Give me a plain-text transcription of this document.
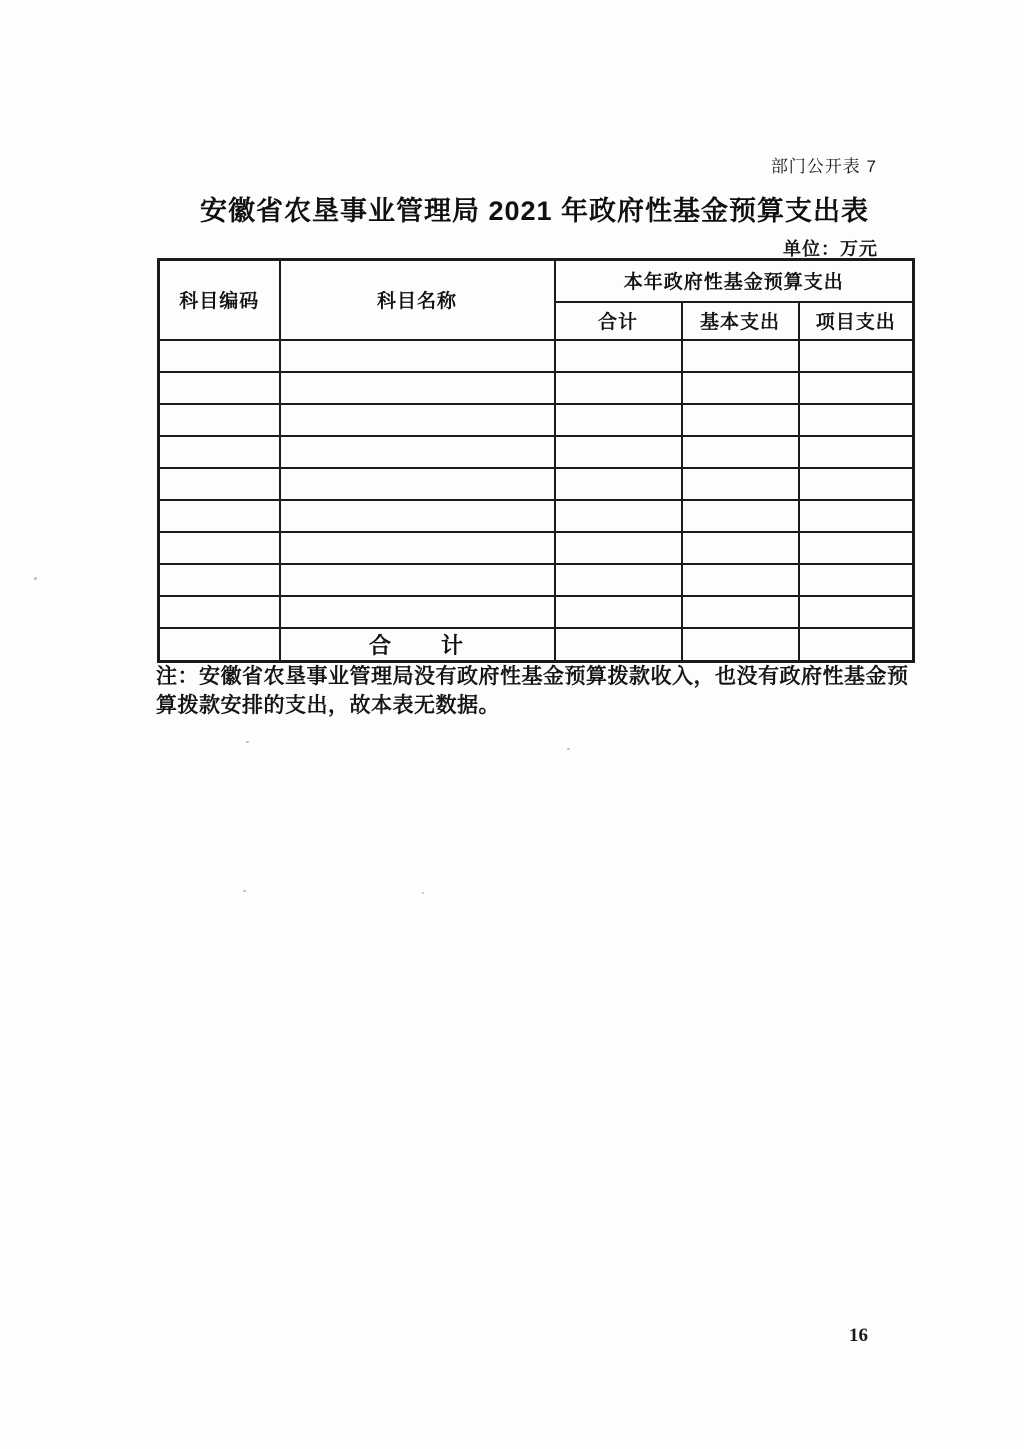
部门公开表 7
安徽省农垦事业管理局 2021 年政府性基金预算支出表
单位：万元
科目编码	科目名称	本年政府性基金预算支出		
		合计	基本支出	项目支出

	合　　计			
注：安徽省农垦事业管理局没有政府性基金预算拨款收入，也没有政府性基金预
算拨款安排的支出，故本表无数据。
16
